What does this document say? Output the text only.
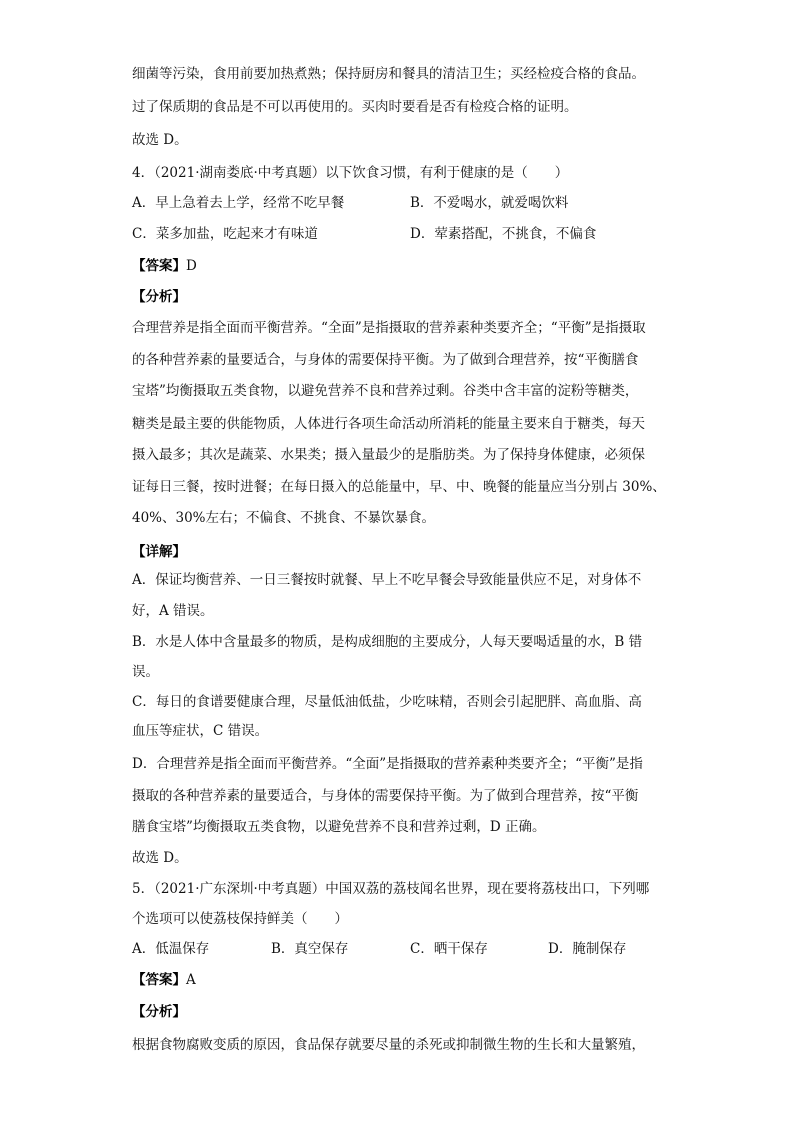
细菌等污染，食用前要加热煮熟；保持厨房和餐具的清洁卫生；买经检疫合格的食品。
过了保质期的食品是不可以再使用的。买肉时要看是否有检疫合格的证明。
故选 D。
4．（2021·湖南娄底·中考真题）以下饮食习惯，有利于健康的是（　　）
A．早上急着去上学，经常不吃早餐	B．不爱喝水，就爱喝饮料
C．菜多加盐，吃起来才有味道	D．荤素搭配，不挑食，不偏食
【答案】D
【分析】
合理营养是指全面而平衡营养。“全面”是指摄取的营养素种类要齐全；“平衡”是指摄取
的各种营养素的量要适合，与身体的需要保持平衡。为了做到合理营养，按“平衡膳食
宝塔”均衡摄取五类食物，以避免营养不良和营养过剩。谷类中含丰富的淀粉等糖类，
糖类是最主要的供能物质，人体进行各项生命活动所消耗的能量主要来自于糖类，每天
摄入最多；其次是蔬菜、水果类；摄入量最少的是脂肪类。为了保持身体健康，必须保
证每日三餐，按时进餐；在每日摄入的总能量中，早、中、晚餐的能量应当分别占 30%、
40%、30%左右；不偏食、不挑食、不暴饮暴食。
【详解】
A．保证均衡营养、一日三餐按时就餐、早上不吃早餐会导致能量供应不足，对身体不
好，A 错误。
B．水是人体中含量最多的物质，是构成细胞的主要成分，人每天要喝适量的水，B 错
误。
C．每日的食谱要健康合理，尽量低油低盐，少吃味精，否则会引起肥胖、高血脂、高
血压等症状，C 错误。
D．合理营养是指全面而平衡营养。“全面”是指摄取的营养素种类要齐全；“平衡”是指
摄取的各种营养素的量要适合，与身体的需要保持平衡。为了做到合理营养，按“平衡
膳食宝塔”均衡摄取五类食物，以避免营养不良和营养过剩，D 正确。
故选 D。
5．（2021·广东深圳·中考真题）中国双荔的荔枝闻名世界，现在要将荔枝出口，下列哪
个选项可以使荔枝保持鲜美（　　）
A．低温保存	B．真空保存	C．晒干保存	D．腌制保存
【答案】A
【分析】
根据食物腐败变质的原因，食品保存就要尽量的杀死或抑制微生物的生长和大量繁殖，
